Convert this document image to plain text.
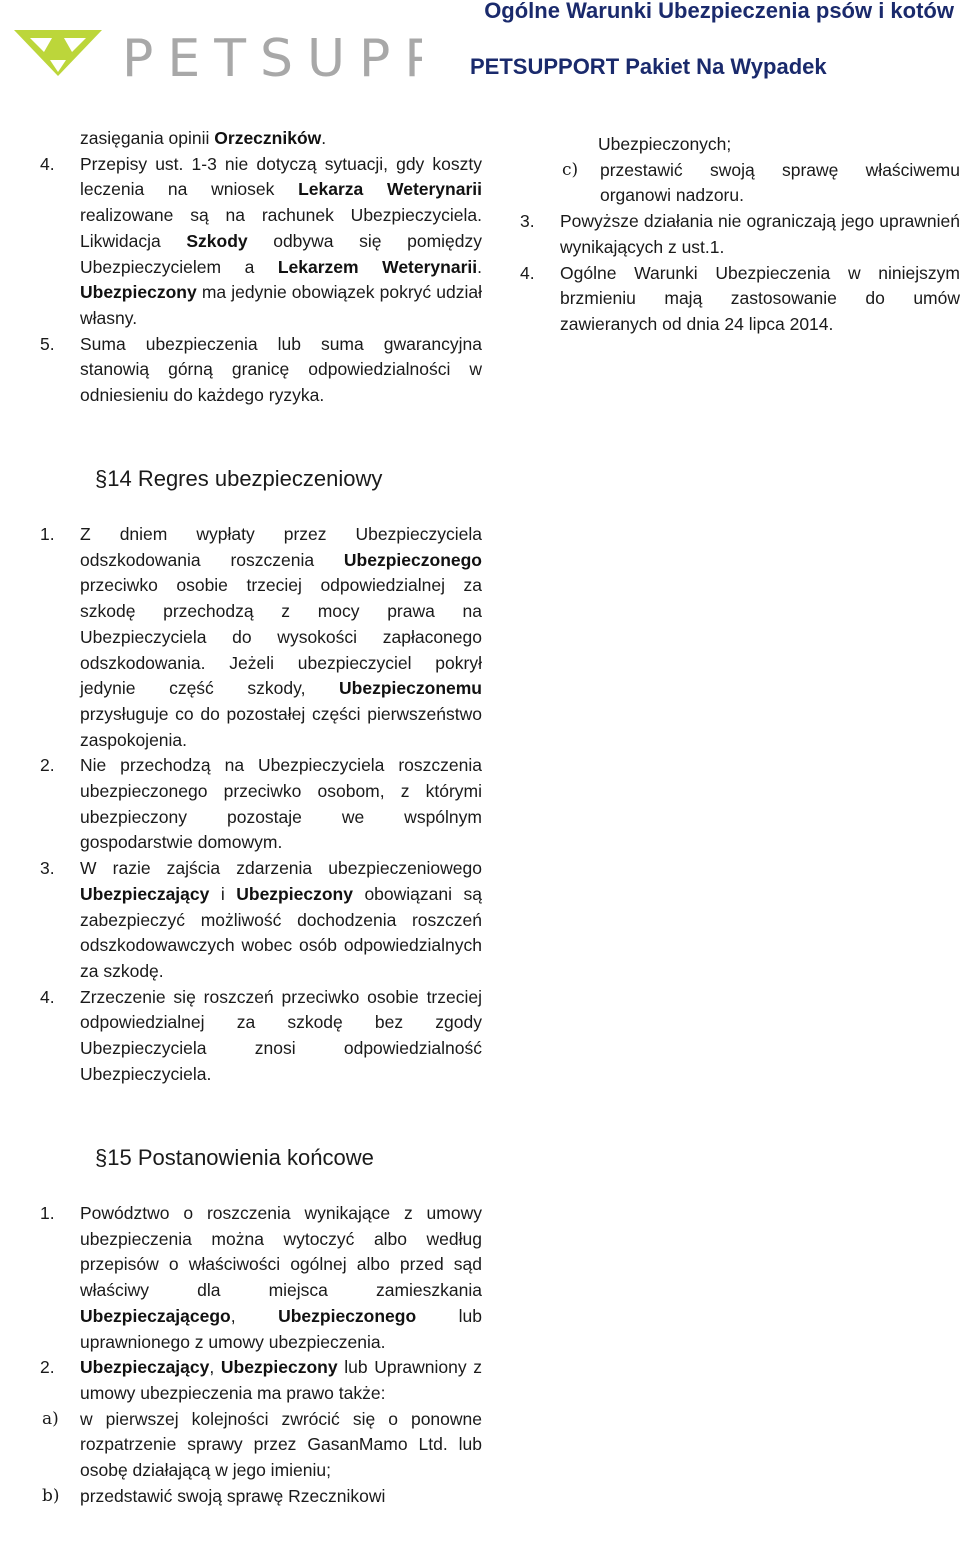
PETSUP
Ogólne Warunki Ubezpieczenia psów i kotów
PETSUPPORT Pakiet Na Wypadek
zasięgania opinii Orzeczników.
4.	Przepisy ust. 1-3 nie dotyczą sytuacji, gdy koszty leczenia na wniosek Lekarza Weterynarii realizowane są na rachunek Ubezpieczyciela. Likwidacja Szkody odbywa się pomiędzy Ubezpieczycielem a Lekarzem Weterynarii. Ubezpieczony ma jedynie obowiązek pokryć udział własny.
5.	Suma ubezpieczenia lub suma gwarancyjna stanowią górną granicę odpowiedzialności w odniesieniu do każdego ryzyka.
Ubezpieczonych;
c)	przestawić swoją sprawę właściwemu organowi nadzoru.
3.	Powyższe działania nie ograniczają jego uprawnień wynikających z ust.1.
4.	Ogólne Warunki Ubezpieczenia w niniejszym brzmieniu mają zastosowanie do umów zawieranych od dnia 24 lipca 2014.
§14 Regres ubezpieczeniowy
1.	Z dniem wypłaty przez Ubezpieczyciela odszkodowania roszczenia Ubezpieczonego przeciwko osobie trzeciej odpowiedzialnej za szkodę przechodzą z mocy prawa na Ubezpieczyciela do wysokości zapłaconego odszkodowania. Jeżeli ubezpieczyciel pokrył jedynie część szkody, Ubezpieczonemu przysługuje co do pozostałej części pierwszeństwo zaspokojenia.
2.	Nie przechodzą na Ubezpieczyciela roszczenia ubezpieczonego przeciwko osobom, z którymi ubezpieczony pozostaje we wspólnym gospodarstwie domowym.
3.	W razie zajścia zdarzenia ubezpieczeniowego Ubezpieczający i Ubezpieczony obowiązani są zabezpieczyć możliwość dochodzenia roszczeń odszkodowawczych wobec osób odpowiedzialnych za szkodę.
4.	Zrzeczenie się roszczeń przeciwko osobie trzeciej odpowiedzialnej za szkodę bez zgody Ubezpieczyciela znosi odpowiedzialność Ubezpieczyciela.
§15 Postanowienia końcowe
1.	Powództwo o roszczenia wynikające z umowy ubezpieczenia można wytoczyć albo według przepisów o właściwości ogólnej albo przed sąd właściwy dla miejsca zamieszkania Ubezpieczającego, Ubezpieczonego lub uprawnionego z umowy ubezpieczenia.
2.	Ubezpieczający, Ubezpieczony lub Uprawniony z umowy ubezpieczenia ma prawo także:
a)	w pierwszej kolejności zwrócić się o ponowne rozpatrzenie sprawy przez GasanMamo Ltd. lub osobę działającą w jego imieniu;
b)	przedstawić swoją sprawę Rzecznikowi
